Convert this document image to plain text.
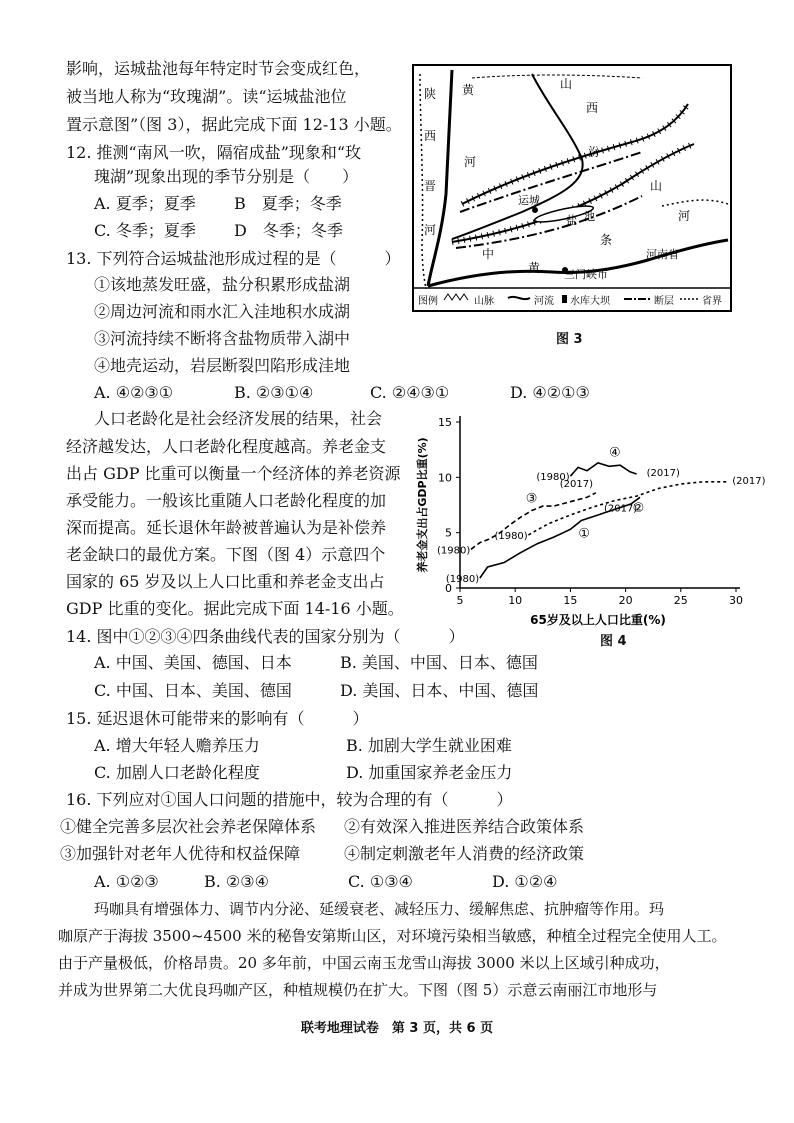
影响，运城盐池每年特定时节会变成红色，
被当地人称为“玫瑰湖”。读“运城盐池位
置示意图”（图 3），据此完成下面 12-13 小题。
12. 推测“南风一吹，隔宿成盐”现象和“玫
瑰湖”现象出现的季节分别是（　　）
A. 夏季；夏季 B　夏季；冬季
C. 冬季；夏季 D　冬季；冬季
13. 下列符合运城盐池形成过程的是（　　　）
①该地蒸发旺盛，盐分积累形成盐湖
②周边河流和雨水汇入洼地积水成湖
③河流持续不断将含盐物质带入湖中
④地壳运动，岩层断裂凹陷形成洼地
A. ④②③①	B. ②③①④	C. ②④③①	D. ④②①③
山
陕
西
西
汾
黄
河
晋
河
运城
盐 池
山
条
中
黄
河
三门峡市
河南省
图例	山脉	河流 水库大坝	断层	省界
图 3
人口老龄化是社会经济发展的结果，社会
经济越发达，人口老龄化程度越高。养老金支
出占 GDP 比重可以衡量一个经济体的养老资源
承受能力。一般该比重随人口老龄化程度的加
深而提高。延长退休年龄被普遍认为是补偿养
老金缺口的最优方案。下图（图 4）示意四个
国家的 65 岁及以上人口比重和养老金支出占
GDP 比重的变化。据此完成下面 14-16 小题。	5	10	15	20	25	30
0
5
10
15
65岁及以上人口比重(%)
养老金支出占GDP比重(%)	①
(1980)
(2017)
②
(1980)
(2017)
③
(1980)
(2017)
④
(1980)	(2017)
图 4
14. 图中①②③④四条曲线代表的国家分别为（　　　）
A. 中国、美国、德国、日本	B. 美国、中国、日本、德国
C. 中国、日本、美国、德国	D. 美国、日本、中国、德国
15. 延迟退休可能带来的影响有（　　　）
A. 增大年轻人赡养压力	B. 加剧大学生就业困难
C. 加剧人口老龄化程度	D. 加重国家养老金压力
16. 下列应对①国人口问题的措施中，较为合理的有（　　　）
①健全完善多层次社会养老保障体系 ②有效深入推进医养结合政策体系
③加强针对老年人优待和权益保障	④制定刺激老年人消费的经济政策
A. ①②③	B. ②③④	C. ①③④	D. ①②④
玛咖具有增强体力、调节内分泌、延缓衰老、减轻压力、缓解焦虑、抗肿瘤等作用。玛
咖原产于海拔 3500~4500 米的秘鲁安第斯山区，对环境污染相当敏感，种植全过程完全使用人工。
由于产量极低，价格昂贵。20 多年前，中国云南玉龙雪山海拔 3000 米以上区域引种成功，
并成为世界第二大优良玛咖产区，种植规模仍在扩大。下图（图 5）示意云南丽江市地形与
联考地理试卷　第 3 页，共 6 页
